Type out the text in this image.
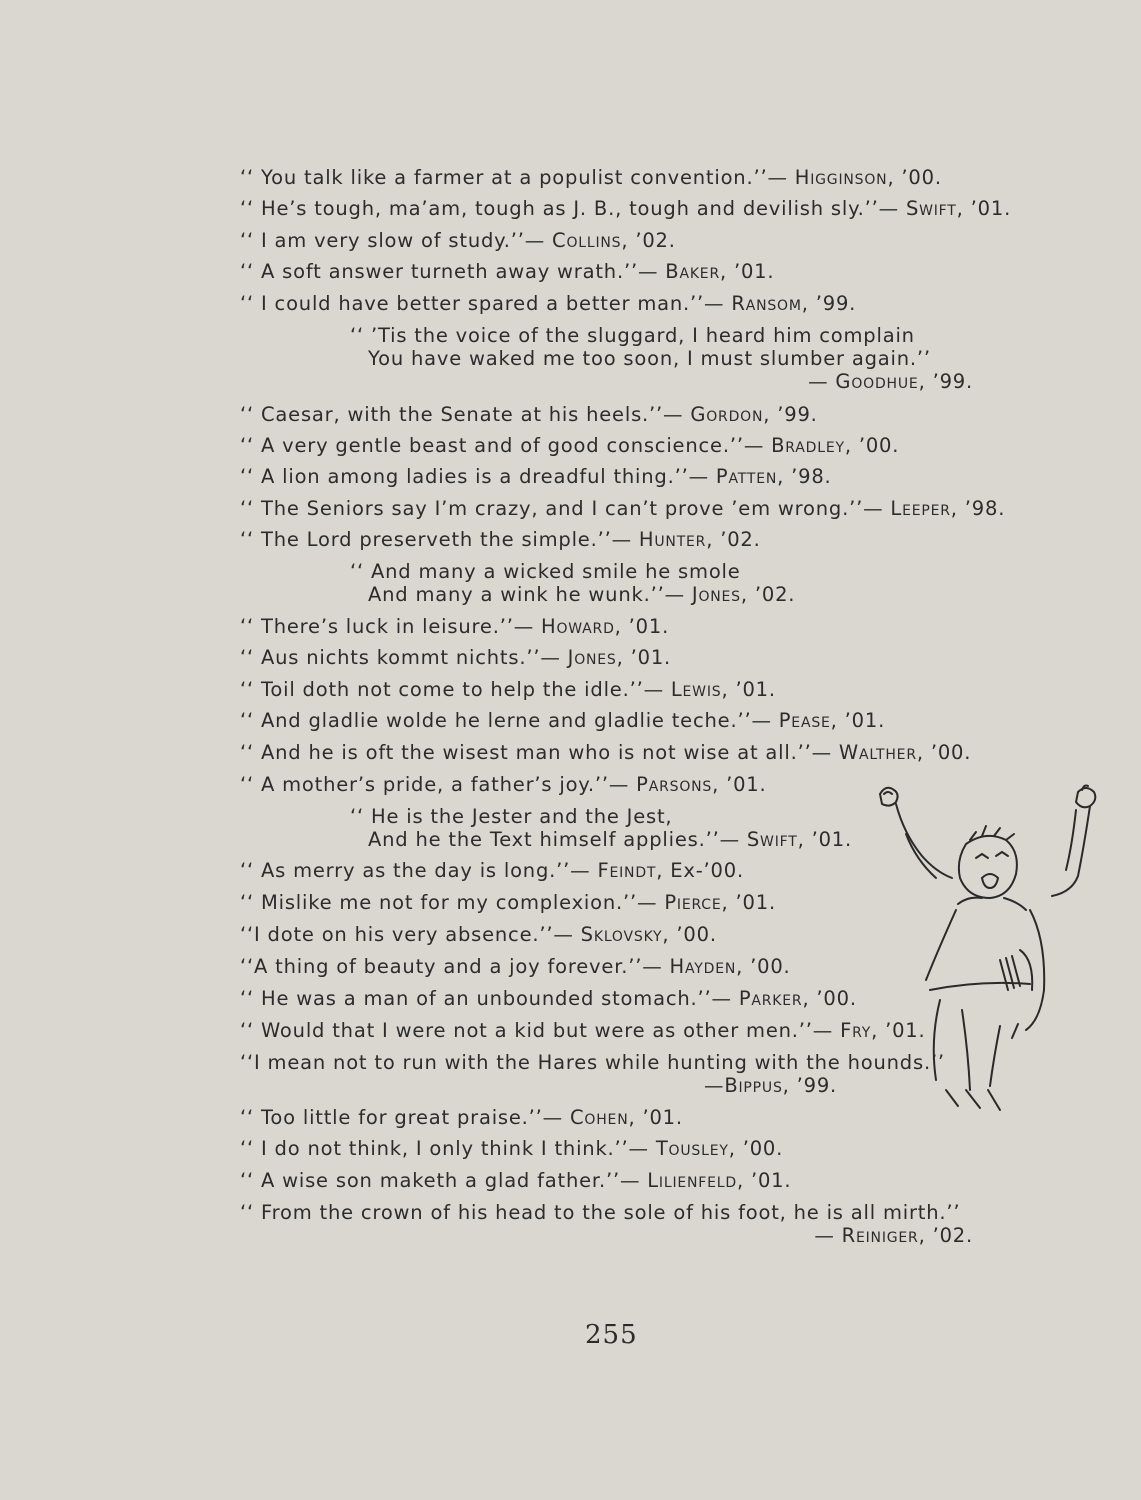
‘‘ You talk like a farmer at a populist convention.’’— Higginson, ’00.
‘‘ He’s tough, ma’am, tough as J. B., tough and devilish sly.’’— Swift, ’01.
‘‘ I am very slow of study.’’— Collins, ’02.
‘‘ A soft answer turneth away wrath.’’— Baker, ’01.
‘‘ I could have better spared a better man.’’— Ransom, ’99.
‘‘ ’Tis the voice of the sluggard, I heard him complain
You have waked me too soon, I must slumber again.’’
— Goodhue, ’99.
‘‘ Caesar, with the Senate at his heels.’’— Gordon, ’99.
‘‘ A very gentle beast and of good conscience.’’— Bradley, ’00.
‘‘ A lion among ladies is a dreadful thing.’’— Patten, ’98.
‘‘ The Seniors say I’m crazy, and I can’t prove ’em wrong.’’— Leeper, ’98.
‘‘ The Lord preserveth the simple.’’— Hunter, ’02.
‘‘ And many a wicked smile he smole
And many a wink he wunk.’’— Jones, ’02.
‘‘ There’s luck in leisure.’’— Howard, ’01.
‘‘ Aus nichts kommt nichts.’’— Jones, ’01.
‘‘ Toil doth not come to help the idle.’’— Lewis, ’01.
‘‘ And gladlie wolde he lerne and gladlie teche.’’— Pease, ’01.
‘‘ And he is oft the wisest man who is not wise at all.’’— Walther, ’00.
‘‘ A mother’s pride, a father’s joy.’’— Parsons, ’01.
‘‘ He is the Jester and the Jest,
And he the Text himself applies.’’— Swift, ’01.
‘‘ As merry as the day is long.’’— Feindt, Ex-’00.
‘‘ Mislike me not for my complexion.’’— Pierce, ’01.
‘‘I dote on his very absence.’’— Sklovsky, ’00.
‘‘A thing of beauty and a joy forever.’’— Hayden, ’00.
‘‘ He was a man of an unbounded stomach.’’— Parker, ’00.
‘‘ Would that I were not a kid but were as other men.’’— Fry, ’01.
‘‘I mean not to run with the Hares while hunting with the hounds.’’
—Bippus, ’99.
‘‘ Too little for great praise.’’— Cohen, ’01.
‘‘ I do not think, I only think I think.’’— Tousley, ’00.
‘‘ A wise son maketh a glad father.’’— Lilienfeld, ’01.
‘‘ From the crown of his head to the sole of his foot, he is all mirth.’’
— Reiniger, ’02.
255
